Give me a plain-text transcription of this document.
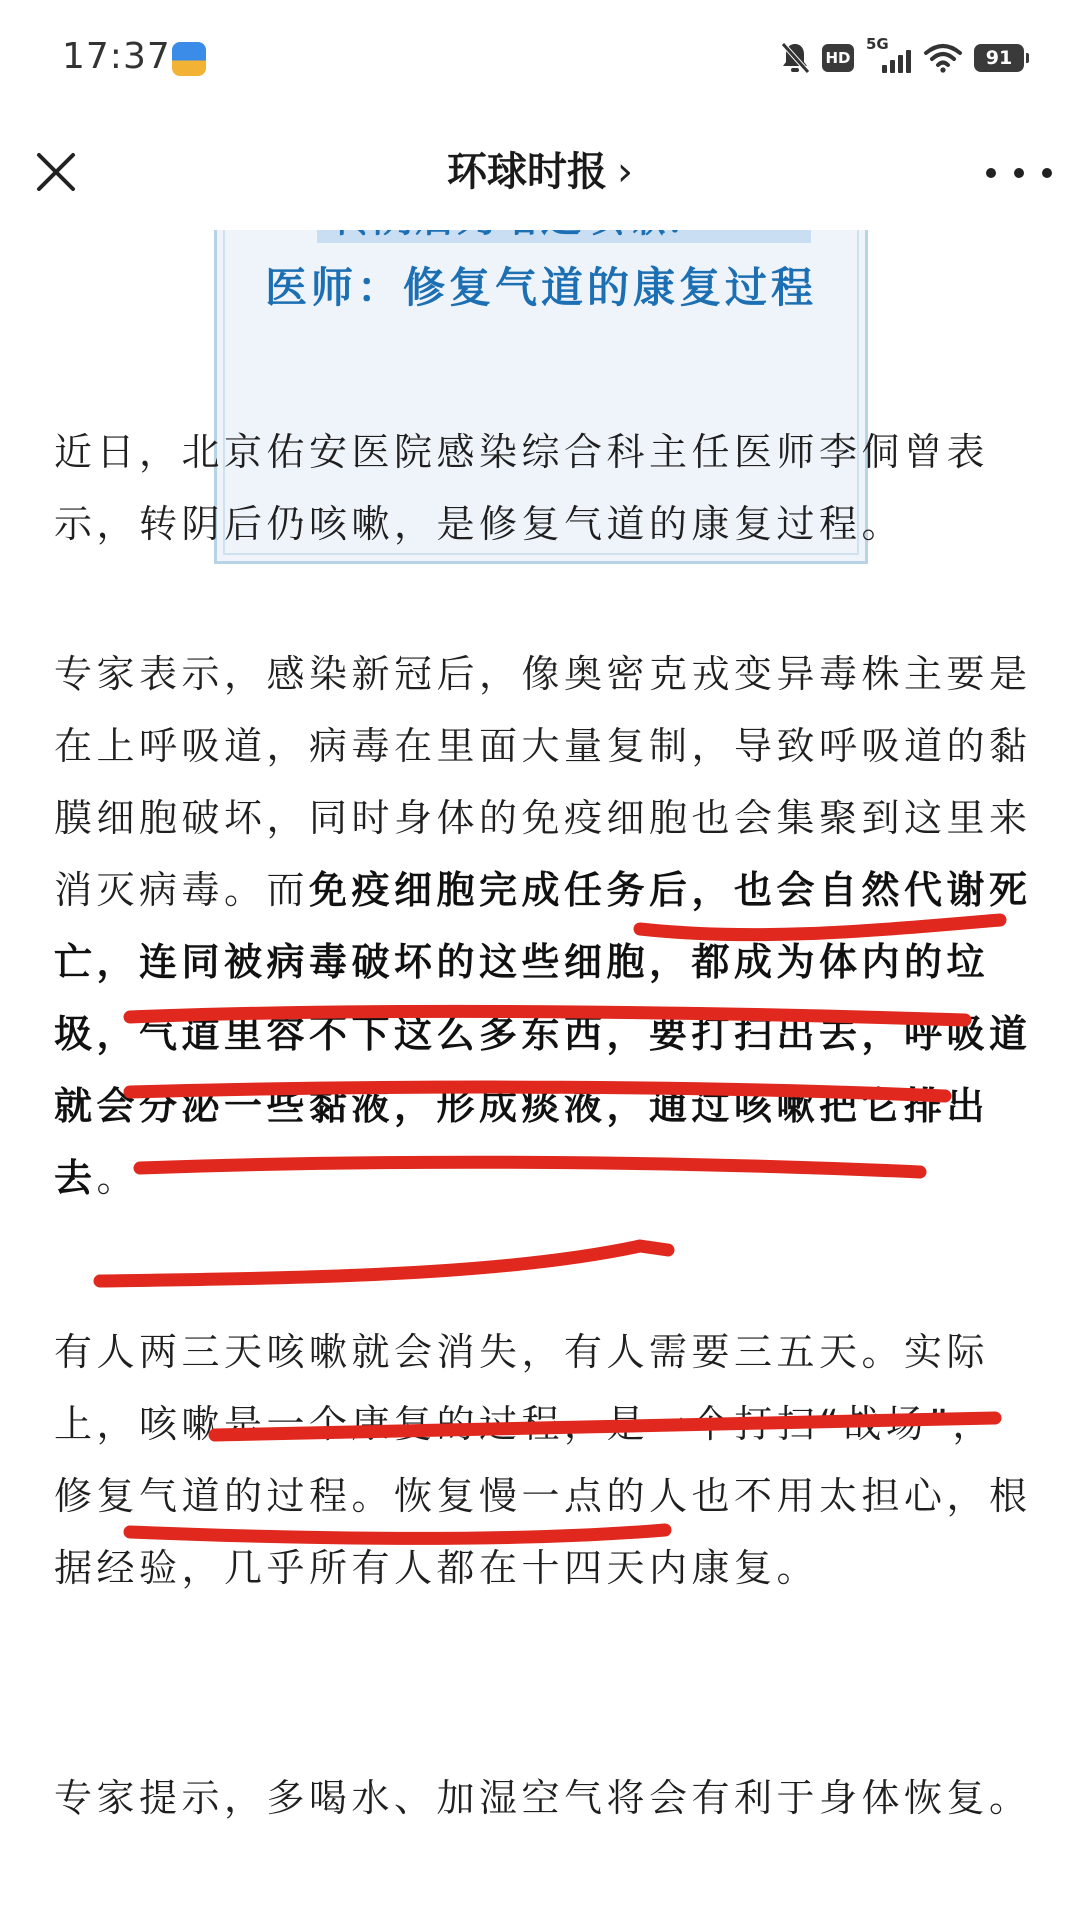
17:37	HD
5G
91
环球时报 ›
医师：修复气道的康复过程

近日，北京佑安医院感染综合科主任医师李侗曾表示，转阴后仍咳嗽，是修复气道的康复过程。

专家表示，感染新冠后，像奥密克戎变异毒株主要是在上呼吸道，病毒在里面大量复制，导致呼吸道的黏膜细胞破坏，同时身体的免疫细胞也会集聚到这里来消灭病毒。而免疫细胞完成任务后，也会自然代谢死亡，连同被病毒破坏的这些细胞，都成为体内的垃圾，气道里容不下这么多东西，要打扫出去，呼吸道就会分泌一些黏液，形成痰液，通过咳嗽把它排出去。

有人两三天咳嗽就会消失，有人需要三五天。实际上，咳嗽是一个康复的过程，是一个打扫“战场”，修复气道的过程。恢复慢一点的人也不用太担心，根据经验，几乎所有人都在十四天内康复。

专家提示，多喝水、加湿空气将会有利于身体恢复。
